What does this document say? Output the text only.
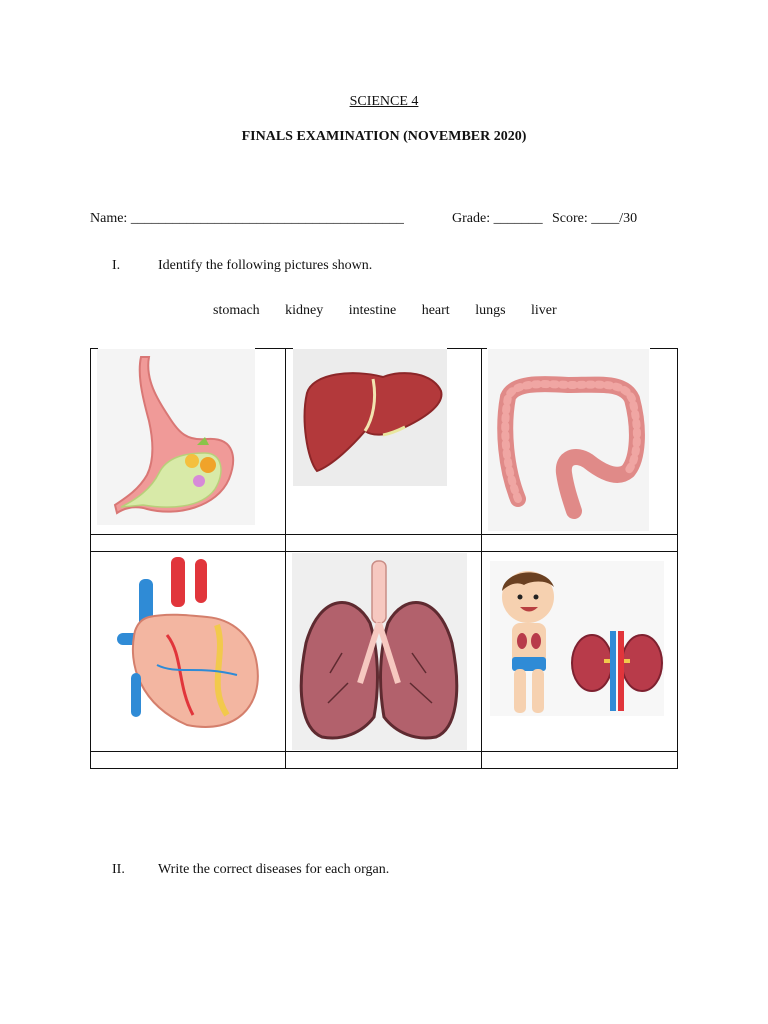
SCIENCE 4
FINALS EXAMINATION (NOVEMBER 2020)
Name: _______________________________________	Grade: _______ Score: ____/30
I.	Identify the following pictures shown.
stomach kidney intestine heart lungs liver
II. Write the correct diseases for each organ.
